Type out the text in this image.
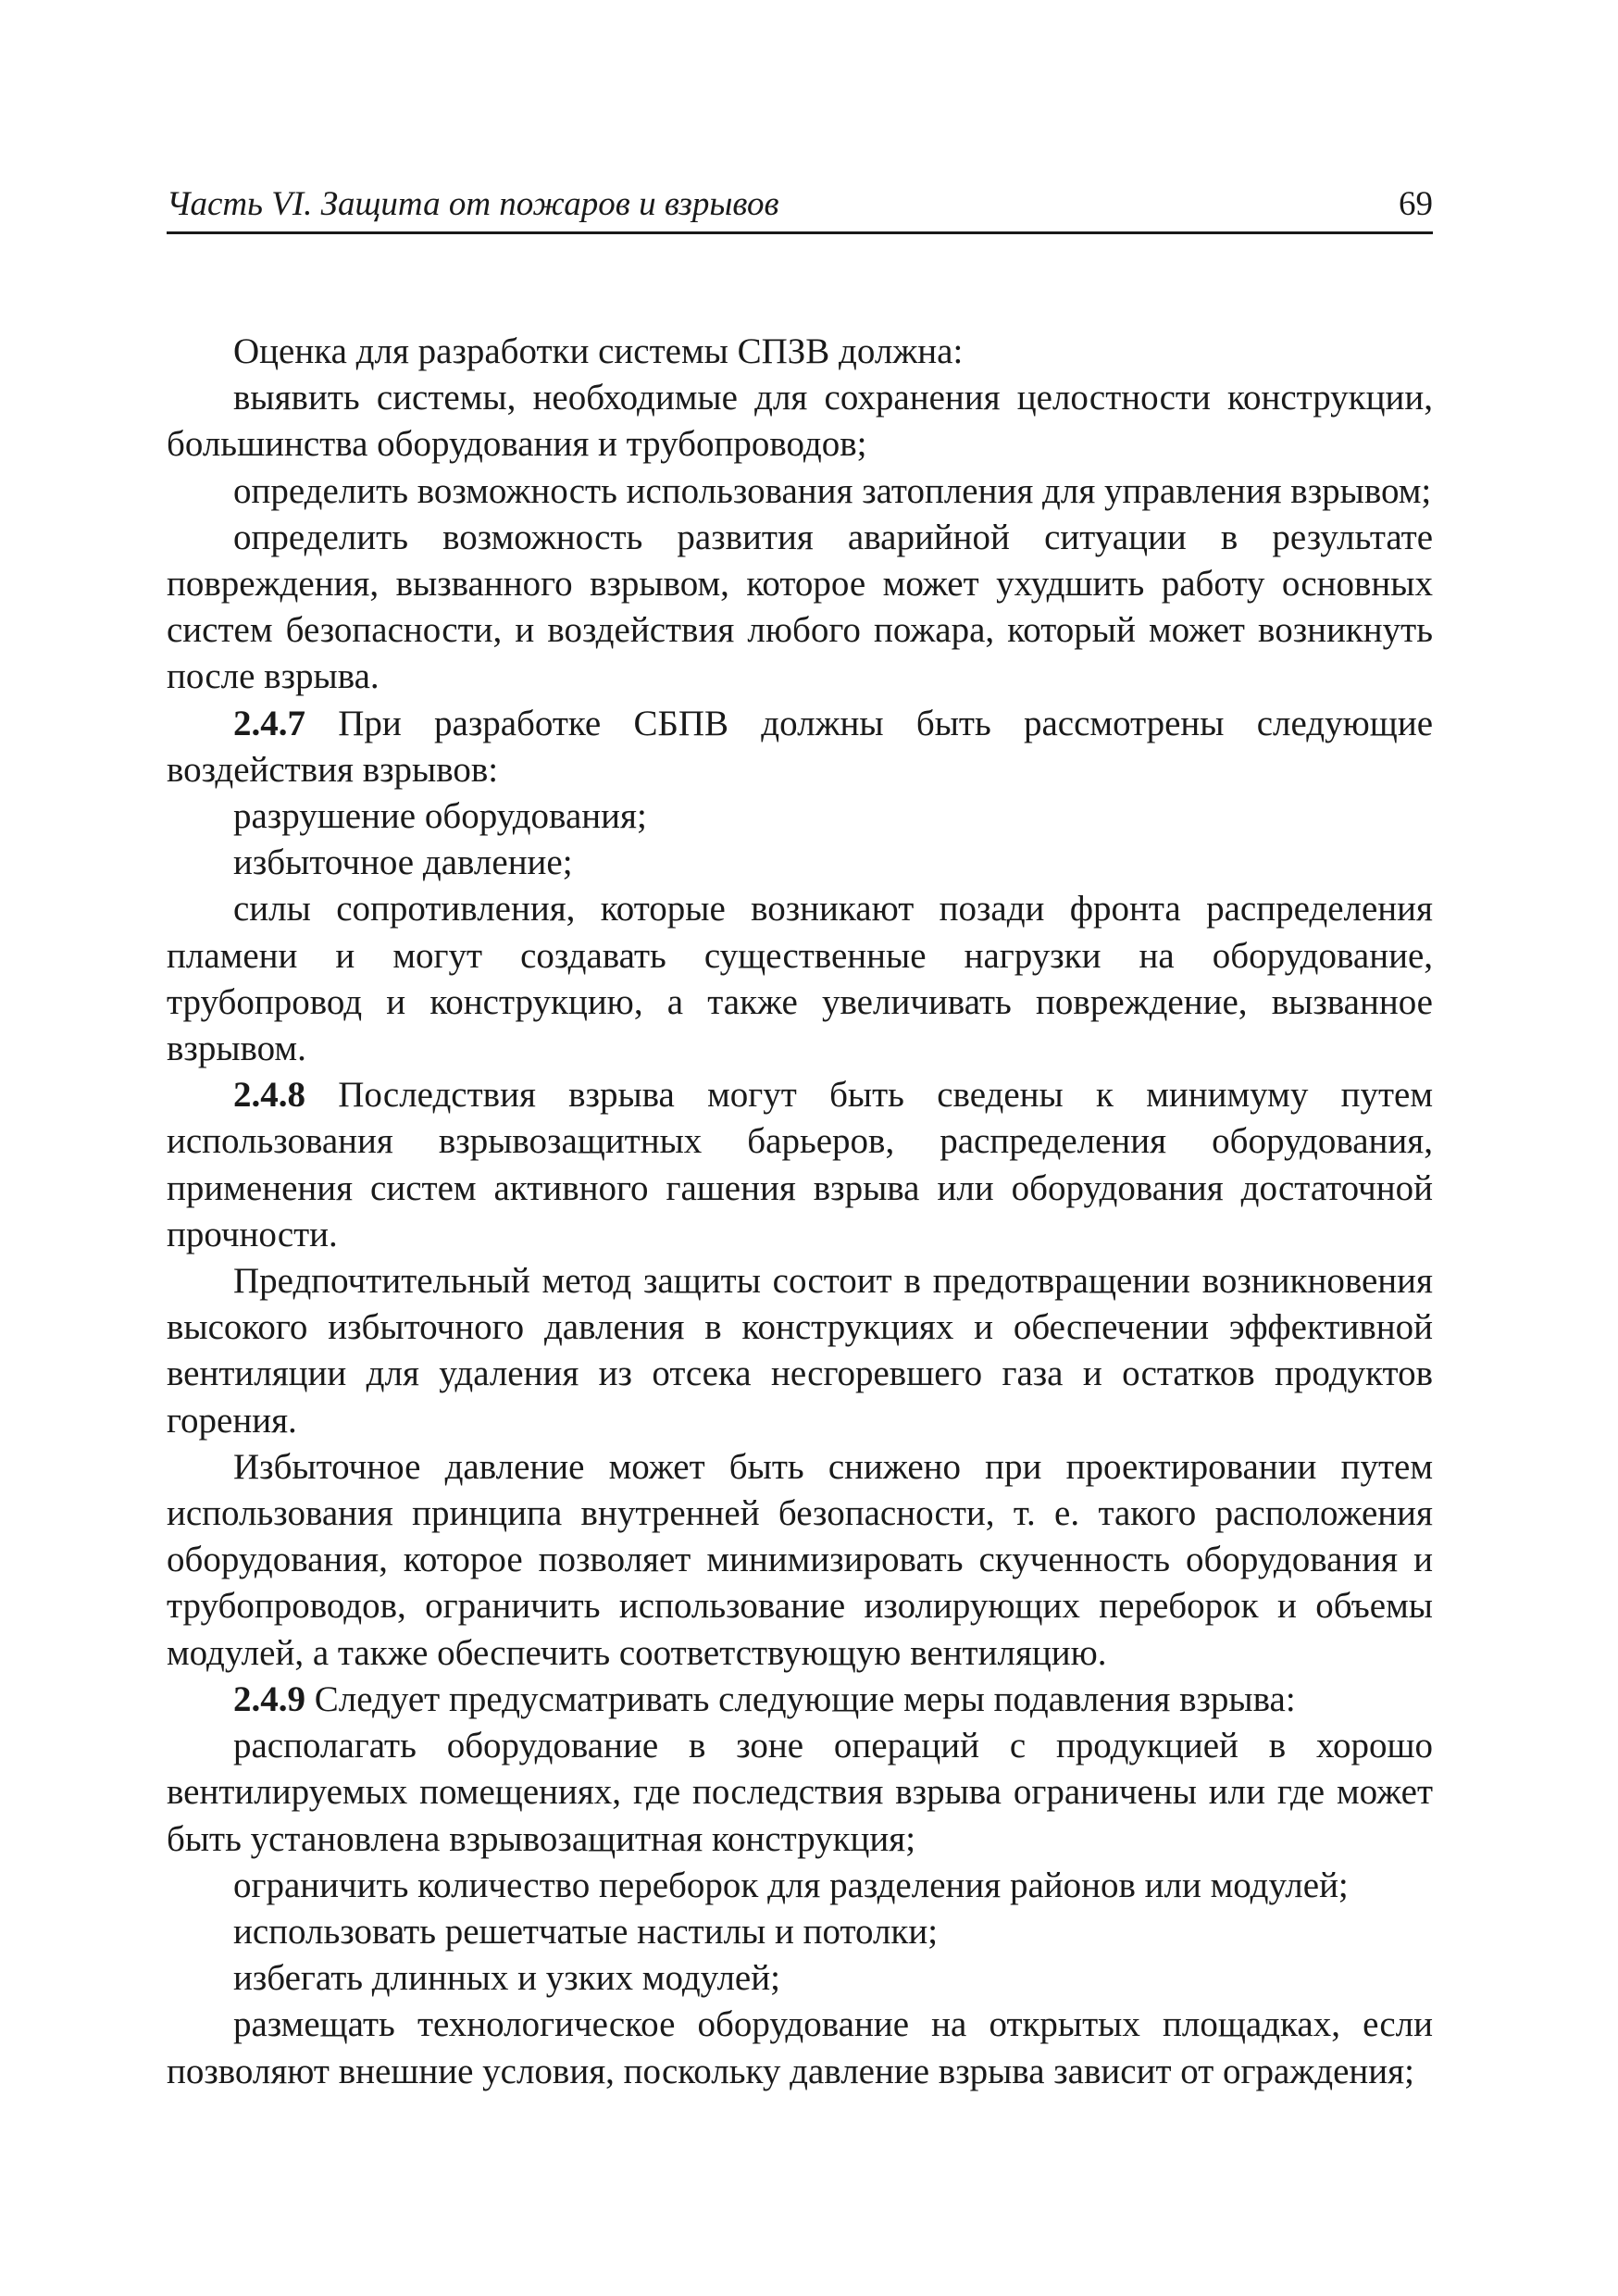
Часть VI. Защита от пожаров и взрывов	69

Оценка для разработки системы СПЗВ должна:

выявить системы, необходимые для сохранения целостности конструкции, большинства оборудования и трубопроводов;

определить возможность использования затопления для управления взрывом;

определить возможность развития аварийной ситуации в результате повреждения, вызванного взрывом, которое может ухудшить работу основных систем безопасности, и воздействия любого пожара, который может возникнуть после взрыва.

2.4.7 При разработке СБПВ должны быть рассмотрены следующие воздействия взрывов:

разрушение оборудования;

избыточное давление;

силы сопротивления, которые возникают позади фронта распределения пламени и могут создавать существенные нагрузки на оборудование, трубопровод и конструкцию, а также увеличивать повреждение, вызванное взрывом.

2.4.8 Последствия взрыва могут быть сведены к минимуму путем использования взрывозащитных барьеров, распределения оборудования, применения систем активного гашения взрыва или оборудования достаточной прочности.

Предпочтительный метод защиты состоит в предотвращении возникновения высокого избыточного давления в конструкциях и обеспечении эффективной вентиляции для удаления из отсека несгоревшего газа и остатков продуктов горения.

Избыточное давление может быть снижено при проектировании путем использования принципа внутренней безопасности, т. е. такого расположения оборудования, которое позволяет минимизировать скученность оборудования и трубопроводов, ограничить использование изолирующих переборок и объемы модулей, а также обеспечить соответствующую вентиляцию.

2.4.9 Следует предусматривать следующие меры подавления взрыва:

располагать оборудование в зоне операций с продукцией в хорошо вентилируемых помещениях, где последствия взрыва ограничены или где может быть установлена взрывозащитная конструкция;

ограничить количество переборок для разделения районов или модулей;

использовать решетчатые настилы и потолки;

избегать длинных и узких модулей;

размещать технологическое оборудование на открытых площадках, если позволяют внешние условия, поскольку давление взрыва зависит от ограждения;
